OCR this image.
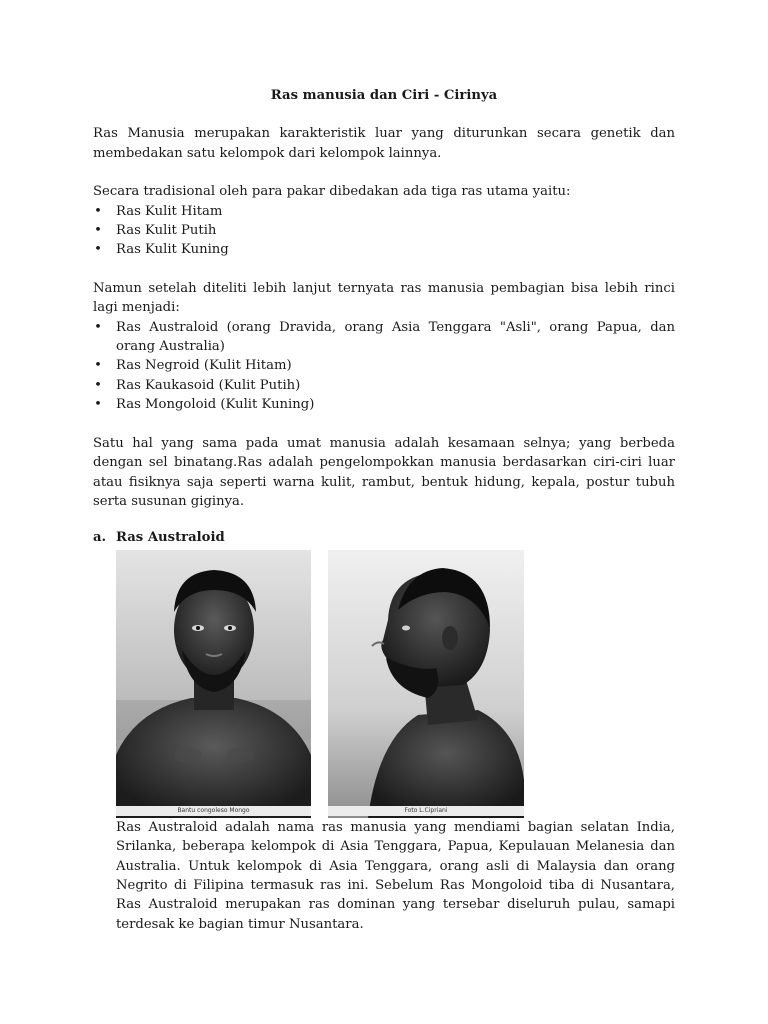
Ras manusia dan Ciri - Cirinya

Ras Manusia merupakan karakteristik luar yang diturunkan secara genetik dan membedakan satu kelompok dari kelompok lainnya.

Secara tradisional oleh para pakar dibedakan ada tiga ras utama yaitu:

• Ras Kulit Hitam
• Ras Kulit Putih
• Ras Kulit Kuning

Namun setelah diteliti lebih lanjut ternyata ras manusia pembagian bisa lebih rinci lagi menjadi:

• Ras Australoid (orang Dravida, orang Asia Tenggara "Asli", orang Papua, dan orang Australia)
• Ras Negroid (Kulit Hitam)
• Ras Kaukasoid (Kulit Putih)
• Ras Mongoloid (Kulit Kuning)

Satu hal yang sama pada umat manusia adalah kesamaan selnya; yang berbeda dengan sel binatang.Ras adalah pengelompokkan manusia berdasarkan ciri-ciri luar atau fisiknya saja seperti warna kulit, rambut, bentuk hidung, kepala, postur tubuh serta susunan giginya.

a. Ras Australoid
Bantu congoleso Mongo	Foto L.Cipriani

Ras Australoid adalah nama ras manusia yang mendiami bagian selatan India, Srilanka, beberapa kelompok di Asia Tenggara, Papua, Kepulauan Melanesia dan Australia. Untuk kelompok di Asia Tenggara, orang asli di Malaysia dan orang Negrito di Filipina termasuk ras ini. Sebelum Ras Mongoloid tiba di Nusantara, Ras Australoid merupakan ras dominan yang tersebar diseluruh pulau, samapi terdesak ke bagian timur Nusantara.
